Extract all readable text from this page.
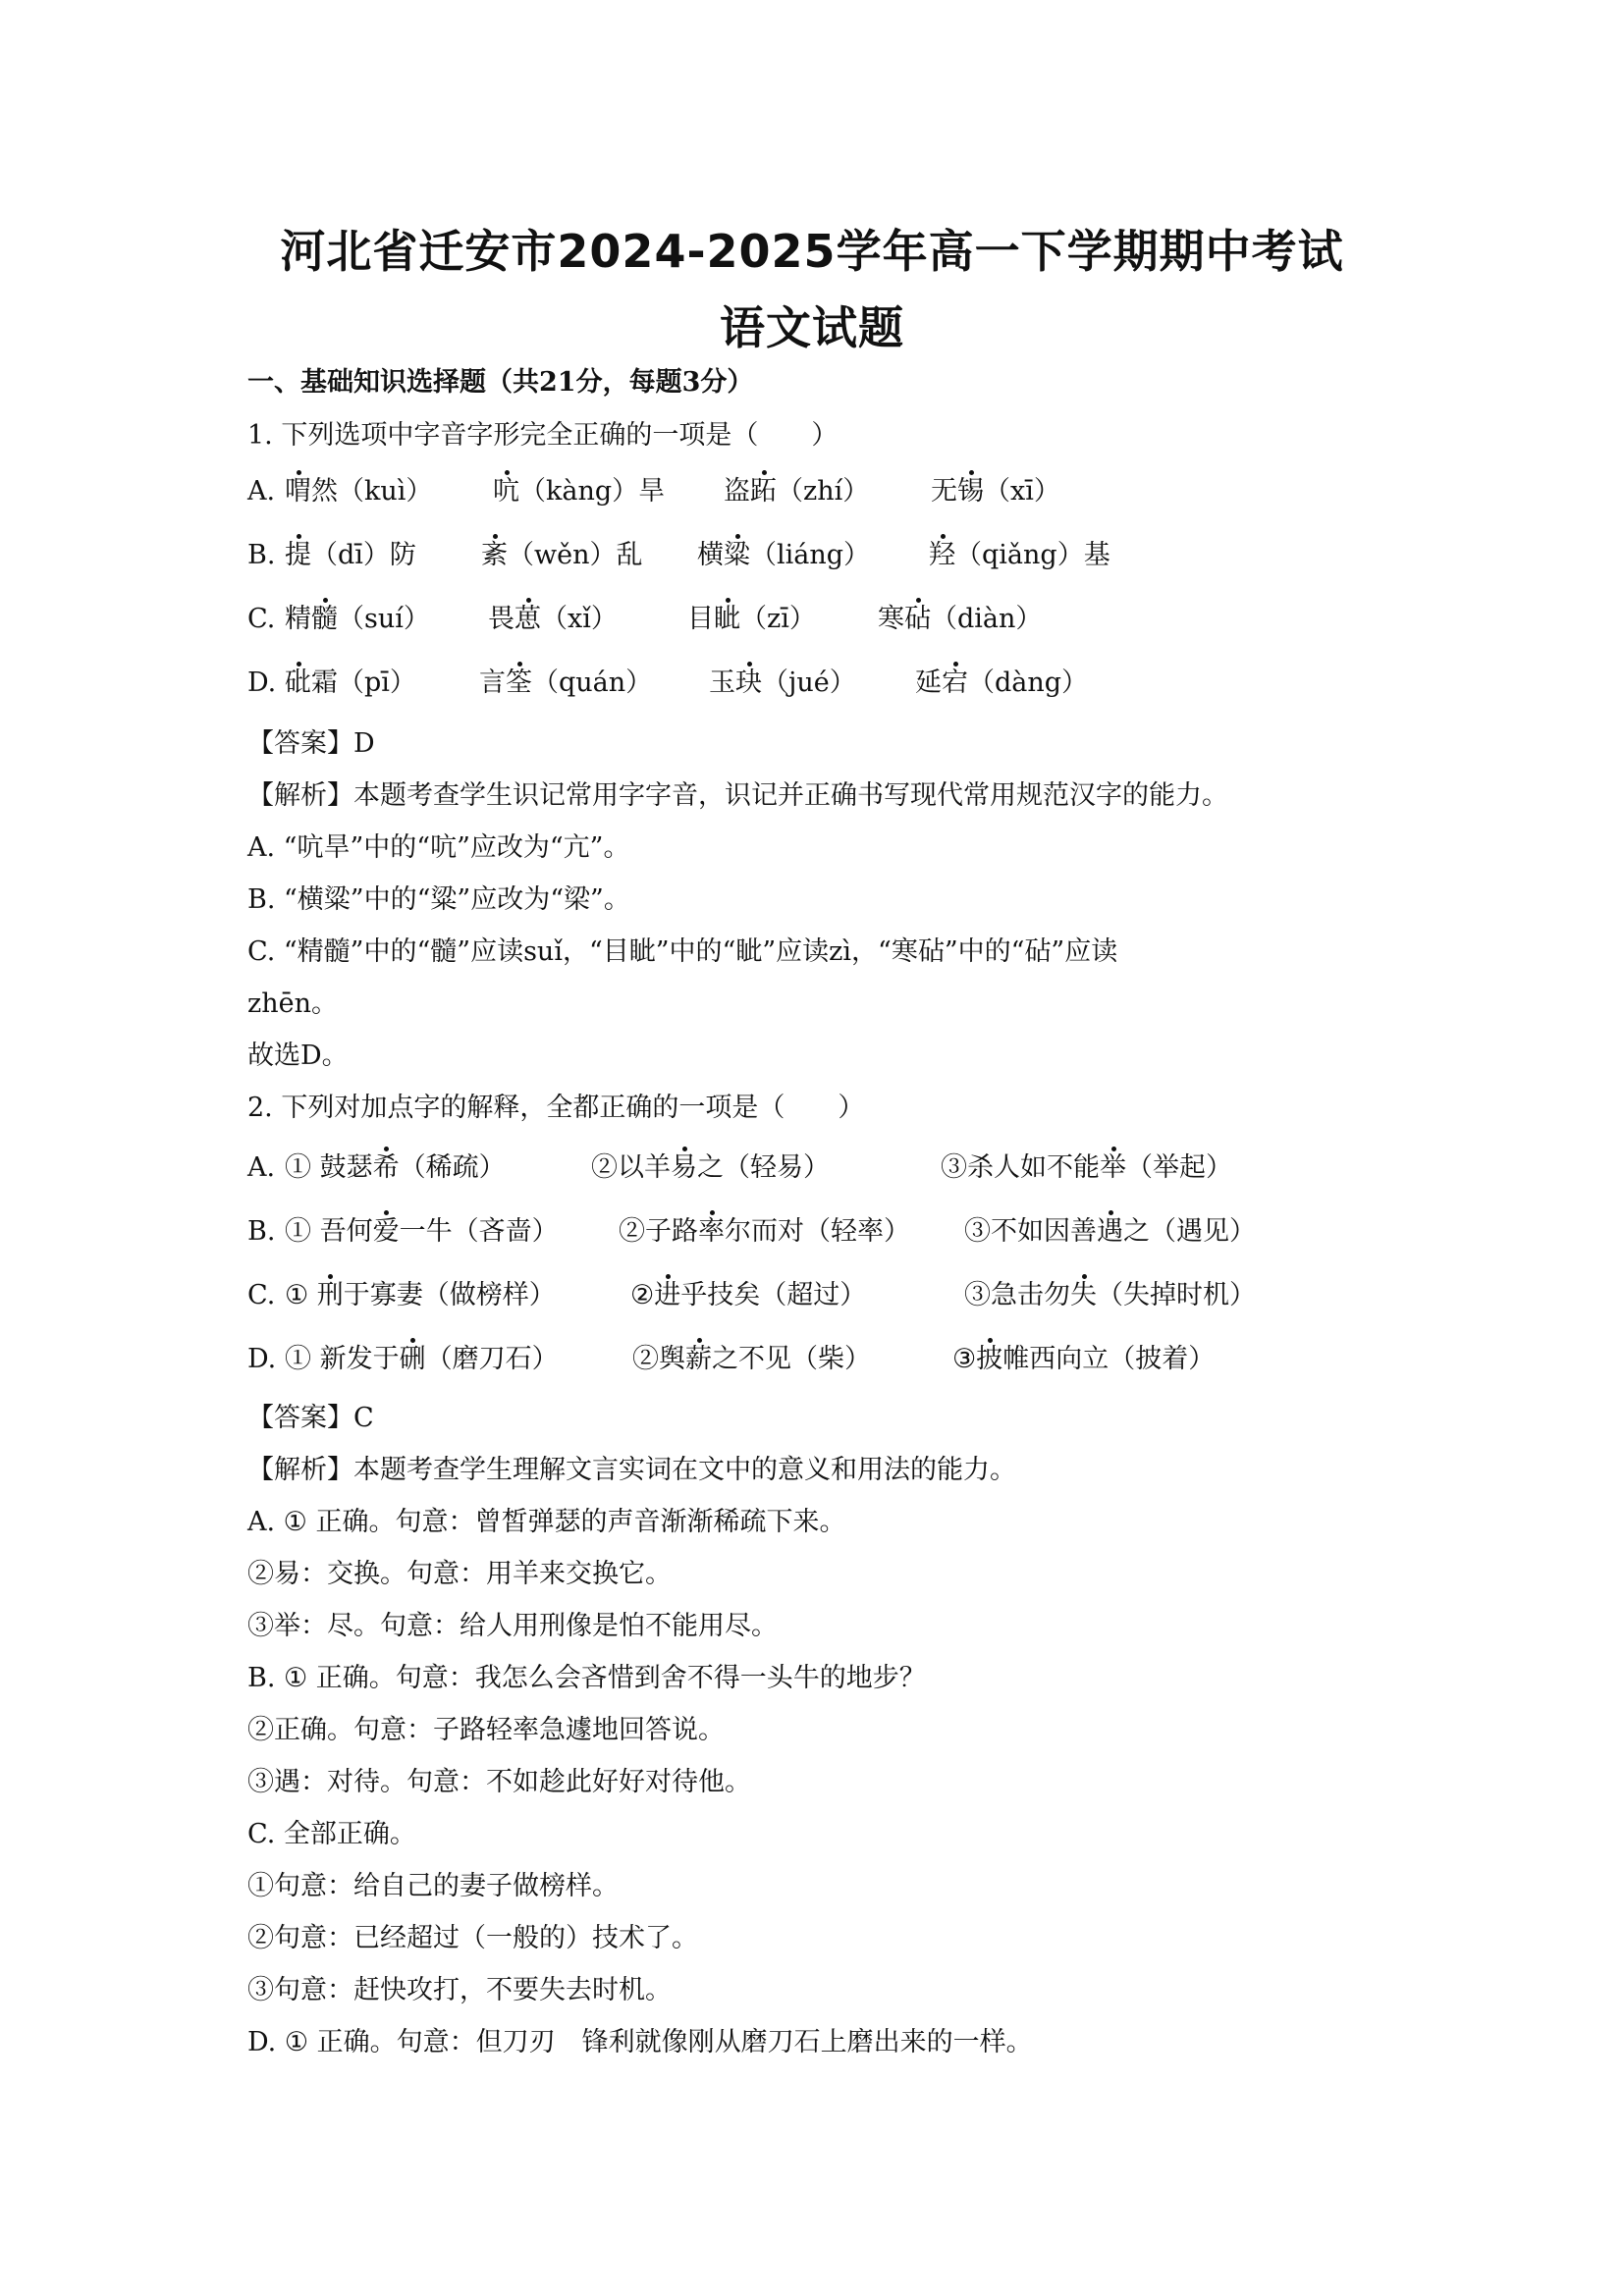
河北省迁安市2024-2025学年高一下学期期中考试
语文试题
一、基础知识选择题（共21分，每题3分）
1. 下列选项中字音字形完全正确的一项是（　　）
A. 喟然（kuì） 吭（kàng）旱 盗跖（zhí） 无锡（xī）
B. 提（dī）防 紊（wěn）乱 横粱（liáng） 羟（qiǎng）基
C. 精髓（suí） 畏葸（xǐ）	目眦（zī） 寒砧（diàn）
D. 砒霜（pī） 言筌（quán） 玉玦（jué） 延宕（dàng）
【答案】D
【解析】本题考查学生识记常用字字音，识记并正确书写现代常用规范汉字的能力。
A. “吭旱”中的“吭”应改为“亢”。
B. “横粱”中的“粱”应改为“梁”。
C. “精髓”中的“髓”应读suǐ，“目眦”中的“眦”应读zì，“寒砧”中的“砧”应读
zhēn。
故选D。
2. 下列对加点字的解释，全都正确的一项是（　　）
A. ① 鼓瑟希（稀疏）	②以羊易之（轻易）	③杀人如不能举（举起）
B. ① 吾何爱一牛（吝啬） ②子路率尔而对（轻率） ③不如因善遇之（遇见）
C. ① 刑于寡妻（做榜样）	②进乎技矣（超过）	③急击勿失（失掉时机）
D. ① 新发于硎（磨刀石）	②舆薪之不见（柴）	③披帷西向立（披着）
【答案】C
【解析】本题考查学生理解文言实词在文中的意义和用法的能力。
A. ① 正确。句意：曾皙弹瑟的声音渐渐稀疏下来。
②易：交换。句意：用羊来交换它。
③举：尽。句意：给人用刑像是怕不能用尽。
B. ① 正确。句意：我怎么会吝惜到舍不得一头牛的地步？
②正确。句意：子路轻率急遽地回答说。
③遇：对待。句意：不如趁此好好对待他。
C. 全部正确。
①句意：给自己的妻子做榜样。
②句意：已经超过（一般的）技术了。
③句意：赶快攻打，不要失去时机。
D. ① 正确。句意：但刀刃　锋利就像刚从磨刀石上磨出来的一样。
